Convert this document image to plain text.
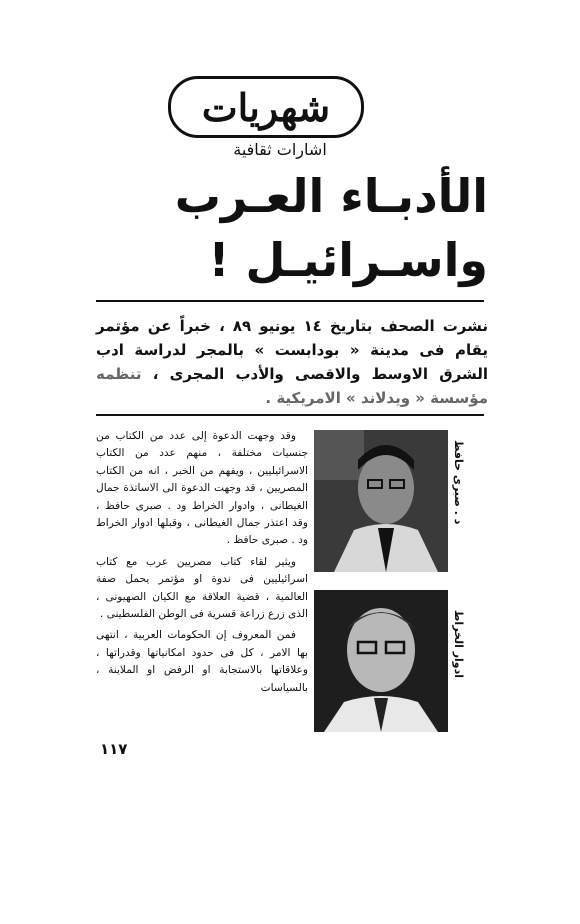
شهريات
اشارات ثقافية
الأدبـاء العـرب
واسـرائيـل !
نشرت الصحف بتاريخ ١٤ يونيو ٨٩ ، خبراً عن مؤتمر يقام فى مدينة « بودابست » بالمجر لدراسة ادب الشرق الاوسط والاقصى والأدب المجرى ، تنظمه مؤسسة « ويدلاند » الامريكية .

وقد وجهت الدعوة إلى عدد من الكتاب من جنسيات مختلفة ، منهم عدد من الكتاب الاسرائيليين ، ويفهم من الخبر ، انه من الكتاب المصريين ، قد وجهت الدعوة الى الاساتذة جمال الغيطانى ، وادوار الخراط ود . صبرى حافظ ، وقد اعتذر جمال الغيطانى ، وقبلها ادوار الخراط ود . صبرى حافظ .

ويثير لقاء كتاب مصريين عرب مع كتاب اسرائيليين فى ندوة او مؤتمر يحمل صفة العالمية ، قضية العلاقة مع الكيان الصهيونى ، الذى زرع زراعة قسرية فى الوطن الفلسطينى .

فمن المعروف إن الحكومات العربية ، انتهى بها الامر ، كل فى حدود امكانياتها وقدراتها ، وعلاقاتها بالاستجابة او الرفض او الملاينة ، بالسياسات

د . صبرى حافظ
ادوار الخراط
١١٧
